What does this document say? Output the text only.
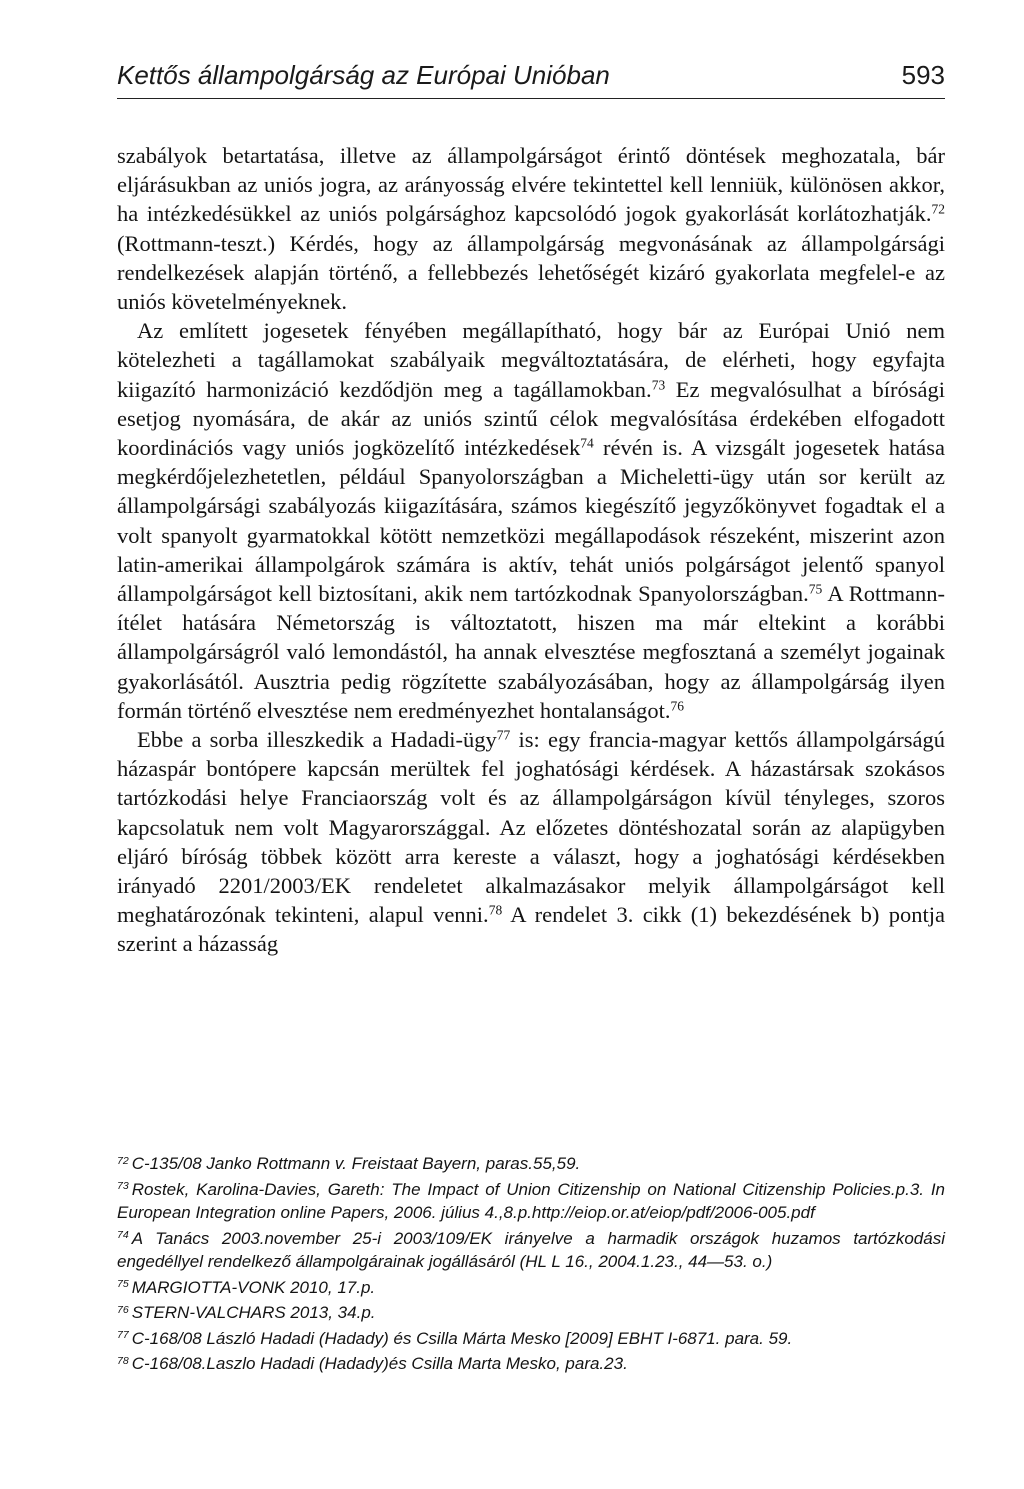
Kettős állampolgárság az Európai Unióban	593

szabályok betartatása, illetve az állampolgárságot érintő döntések meghozatala, bár eljárásukban az uniós jogra, az arányosság elvére tekintettel kell lenniük, különösen akkor, ha intézkedésükkel az uniós polgársághoz kapcsolódó jogok gyakorlását korlátozhatják.$^{72}$ (Rottmann-teszt.) Kérdés, hogy az állampolgárság megvonásának az állampolgársági rendelkezések alapján történő, a fellebbezés lehetőségét kizáró gyakorlata megfelel-e az uniós követelményeknek.

Az említett jogesetek fényében megállapítható, hogy bár az Európai Unió nem kötelezheti a tagállamokat szabályaik megváltoztatására, de elérheti, hogy egyfajta kiigazító harmonizáció kezdődjön meg a tagállamokban.$^{73}$ Ez megvalósulhat a bírósági esetjog nyomására, de akár az uniós szintű célok megvalósítása érdekében elfogadott koordinációs vagy uniós jogközelítő intézkedések$^{74}$ révén is. A vizsgált jogesetek hatása megkérdőjelezhetetlen, például Spanyolországban a Micheletti-ügy után sor került az állampolgársági szabályozás kiigazítására, számos kiegészítő jegyzőkönyvet fogadtak el a volt spanyolt gyarmatokkal kötött nemzetközi megállapodások részeként, miszerint azon latin-amerikai állampolgárok számára is aktív, tehát uniós polgárságot jelentő spanyol állampolgárságot kell biztosítani, akik nem tartózkodnak Spanyolországban.$^{75}$ A Rottmann-ítélet hatására Németország is változtatott, hiszen ma már eltekint a korábbi állampolgárságról való lemondástól, ha annak elvesztése megfosztaná a személyt jogainak gyakorlásától. Ausztria pedig rögzítette szabályozásában, hogy az állampolgárság ilyen formán történő elvesztése nem eredményezhet hontalanságot.$^{76}$

Ebbe a sorba illeszkedik a Hadadi-ügy$^{77}$ is: egy francia-magyar kettős állampolgárságú házaspár bontópere kapcsán merültek fel joghatósági kérdések. A házastársak szokásos tartózkodási helye Franciaország volt és az állampolgárságon kívül tényleges, szoros kapcsolatuk nem volt Magyarországgal. Az előzetes döntéshozatal során az alapügyben eljáró bíróság többek között arra kereste a választ, hogy a joghatósági kérdésekben irányadó 2201/2003/EK rendeletet alkalmazásakor melyik állampolgárságot kell meghatározónak tekinteni, alapul venni.$^{78}$ A rendelet 3. cikk (1) bekezdésének b) pontja szerint a házasság

$^{72}$ C-135/08 Janko Rottmann v. Freistaat Bayern, paras.55,59.
$^{73}$ Rostek, Karolina-Davies, Gareth: The Impact of Union Citizenship on National Citizenship Policies.p.3. In European Integration online Papers, 2006. július 4.,8.p.http://eiop.or.at/eiop/pdf/2006-005.pdf
$^{74}$ A Tanács 2003.november 25-i 2003/109/EK irányelve a harmadik országok huzamos tartózkodási engedéllyel rendelkező állampolgárainak jogállásáról (HL L 16., 2004.1.23., 44—53. o.)
$^{75}$ MARGIOTTA-VONK 2010, 17.p.
$^{76}$ STERN-VALCHARS 2013, 34.p.
$^{77}$ C-168/08 László Hadadi (Hadady) és Csilla Márta Mesko [2009] EBHT I-6871. para. 59.
$^{78}$ C-168/08.Laszlo Hadadi (Hadady)és Csilla Marta Mesko, para.23.
